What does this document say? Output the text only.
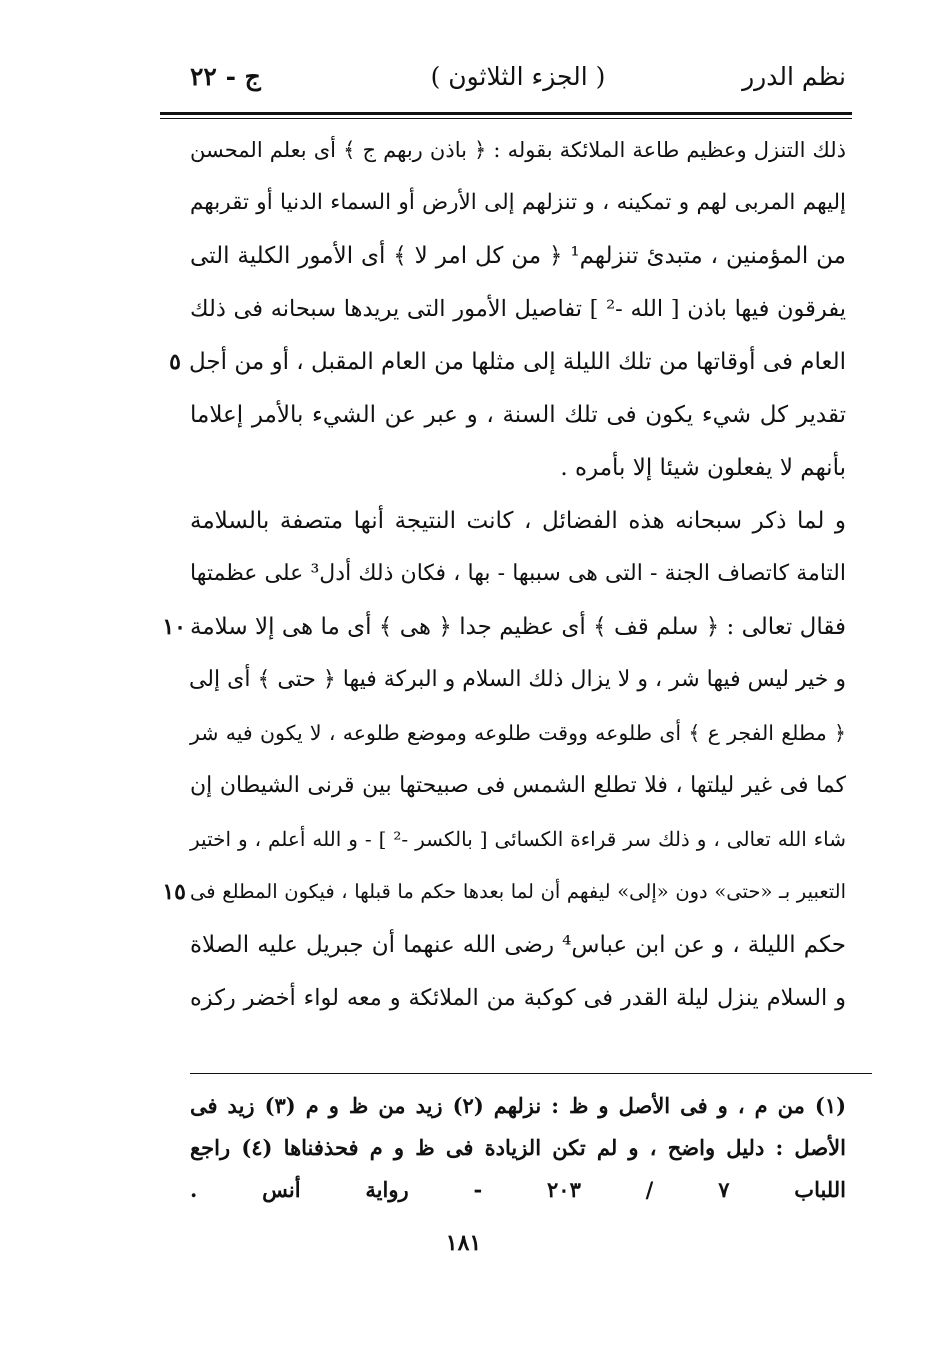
نظم الدرر
( الجزء الثلاثون )
ج - ٢٢
ذلك التنزل وعظيم طاعة الملائكة بقوله : ﴿ باذن ربهم ج ﴾ أى بعلم المحسن
إليهم المربى لهم و تمكينه ، و تنزلهم إلى الأرض أو السماء الدنيا أو تقربهم
من المؤمنين ، متبدئ تنزلهم¹ ﴿ من كل امر لا ﴾ أى الأمور الكلية التى
يفرقون فيها باذن [ الله -² ] تفاصيل الأمور التى يريدها سبحانه فى ذلك
العام فى أوقاتها من تلك الليلة إلى مثلها من العام المقبل ، أو من أجل
تقدير كل شيء يكون فى تلك السنة ، و عبر عن الشيء بالأمر إعلاما
بأنهم لا يفعلون شيئا إلا بأمره .
و لما ذكر سبحانه هذه الفضائل ، كانت النتيجة أنها متصفة بالسلامة
التامة كاتصاف الجنة - التى هى سببها - بها ، فكان ذلك أدل³ على عظمتها
فقال تعالى : ﴿ سلم قف ﴾ أى عظيم جدا ﴿ هى ﴾ أى ما هى إلا سلامة
و خير ليس فيها شر ، و لا يزال ذلك السلام و البركة فيها ﴿ حتى ﴾ أى إلى
﴿ مطلع الفجر ع ﴾ أى طلوعه ووقت طلوعه وموضع طلوعه ، لا يكون فيه شر
كما فى غير ليلتها ، فلا تطلع الشمس فى صبيحتها بين قرنى الشيطان إن
شاء الله تعالى ، و ذلك سر قراءة الكسائى [ بالكسر -² ] - و الله أعلم ، و اختير
التعبير بـ «حتى» دون «إلى» ليفهم أن لما بعدها حكم ما قبلها ، فيكون المطلع فى
حكم الليلة ، و عن ابن عباس⁴ رضى الله عنهما أن جبريل عليه الصلاة
و السلام ينزل ليلة القدر فى كوكبة من الملائكة و معه لواء أخضر ركزه
٥
١٠
١٥
(١) من م ، و فى الأصل و ظ : نزلهم (٢) زيد من ظ و م (٣) زيد فى
الأصل : دليل واضح ، و لم تكن الزيادة فى ظ و م فحذفناها (٤) راجع
اللباب ٧ / ٢٠٣ - رواية أنس .
١٨١
